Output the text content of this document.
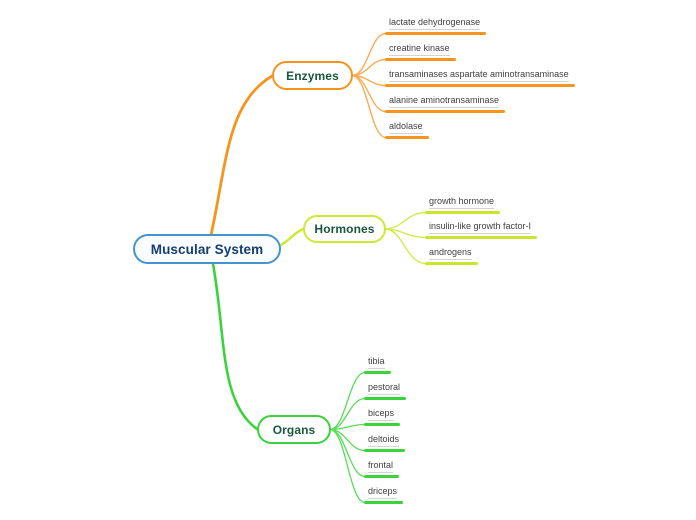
Muscular System
Enzymes
Hormones
Organs
lactate dehydrogenase
creatine kinase
transaminases aspartate aminotransaminase
alanine aminotransaminase
aldolase
growth hormone
insulin-like growth factor-I
androgens
tibia
pestoral
biceps
deltoids
frontal
driceps
